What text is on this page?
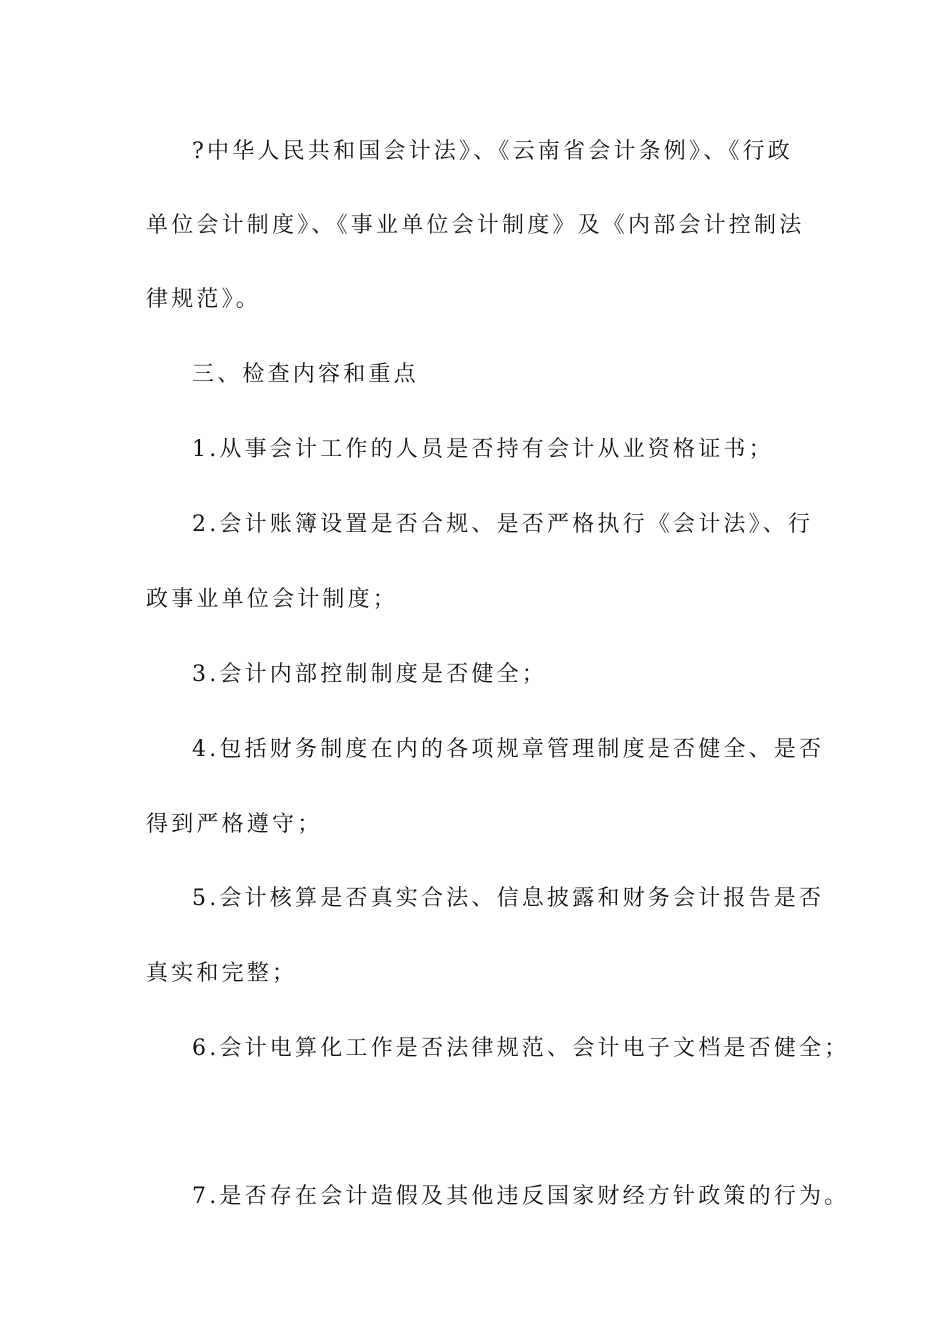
?中华人民共和国会计法》、《云南省会计条例》、《行政
单位会计制度》、《事业单位会计制度》及《内部会计控制法
律规范》。
三、检查内容和重点
1.从事会计工作的人员是否持有会计从业资格证书；
2.会计账簿设置是否合规、是否严格执行《会计法》、行
政事业单位会计制度；
3.会计内部控制制度是否健全；
4.包括财务制度在内的各项规章管理制度是否健全、是否
得到严格遵守；
5.会计核算是否真实合法、信息披露和财务会计报告是否
真实和完整；
6.会计电算化工作是否法律规范、会计电子文档是否健全；
7.是否存在会计造假及其他违反国家财经方针政策的行为。
